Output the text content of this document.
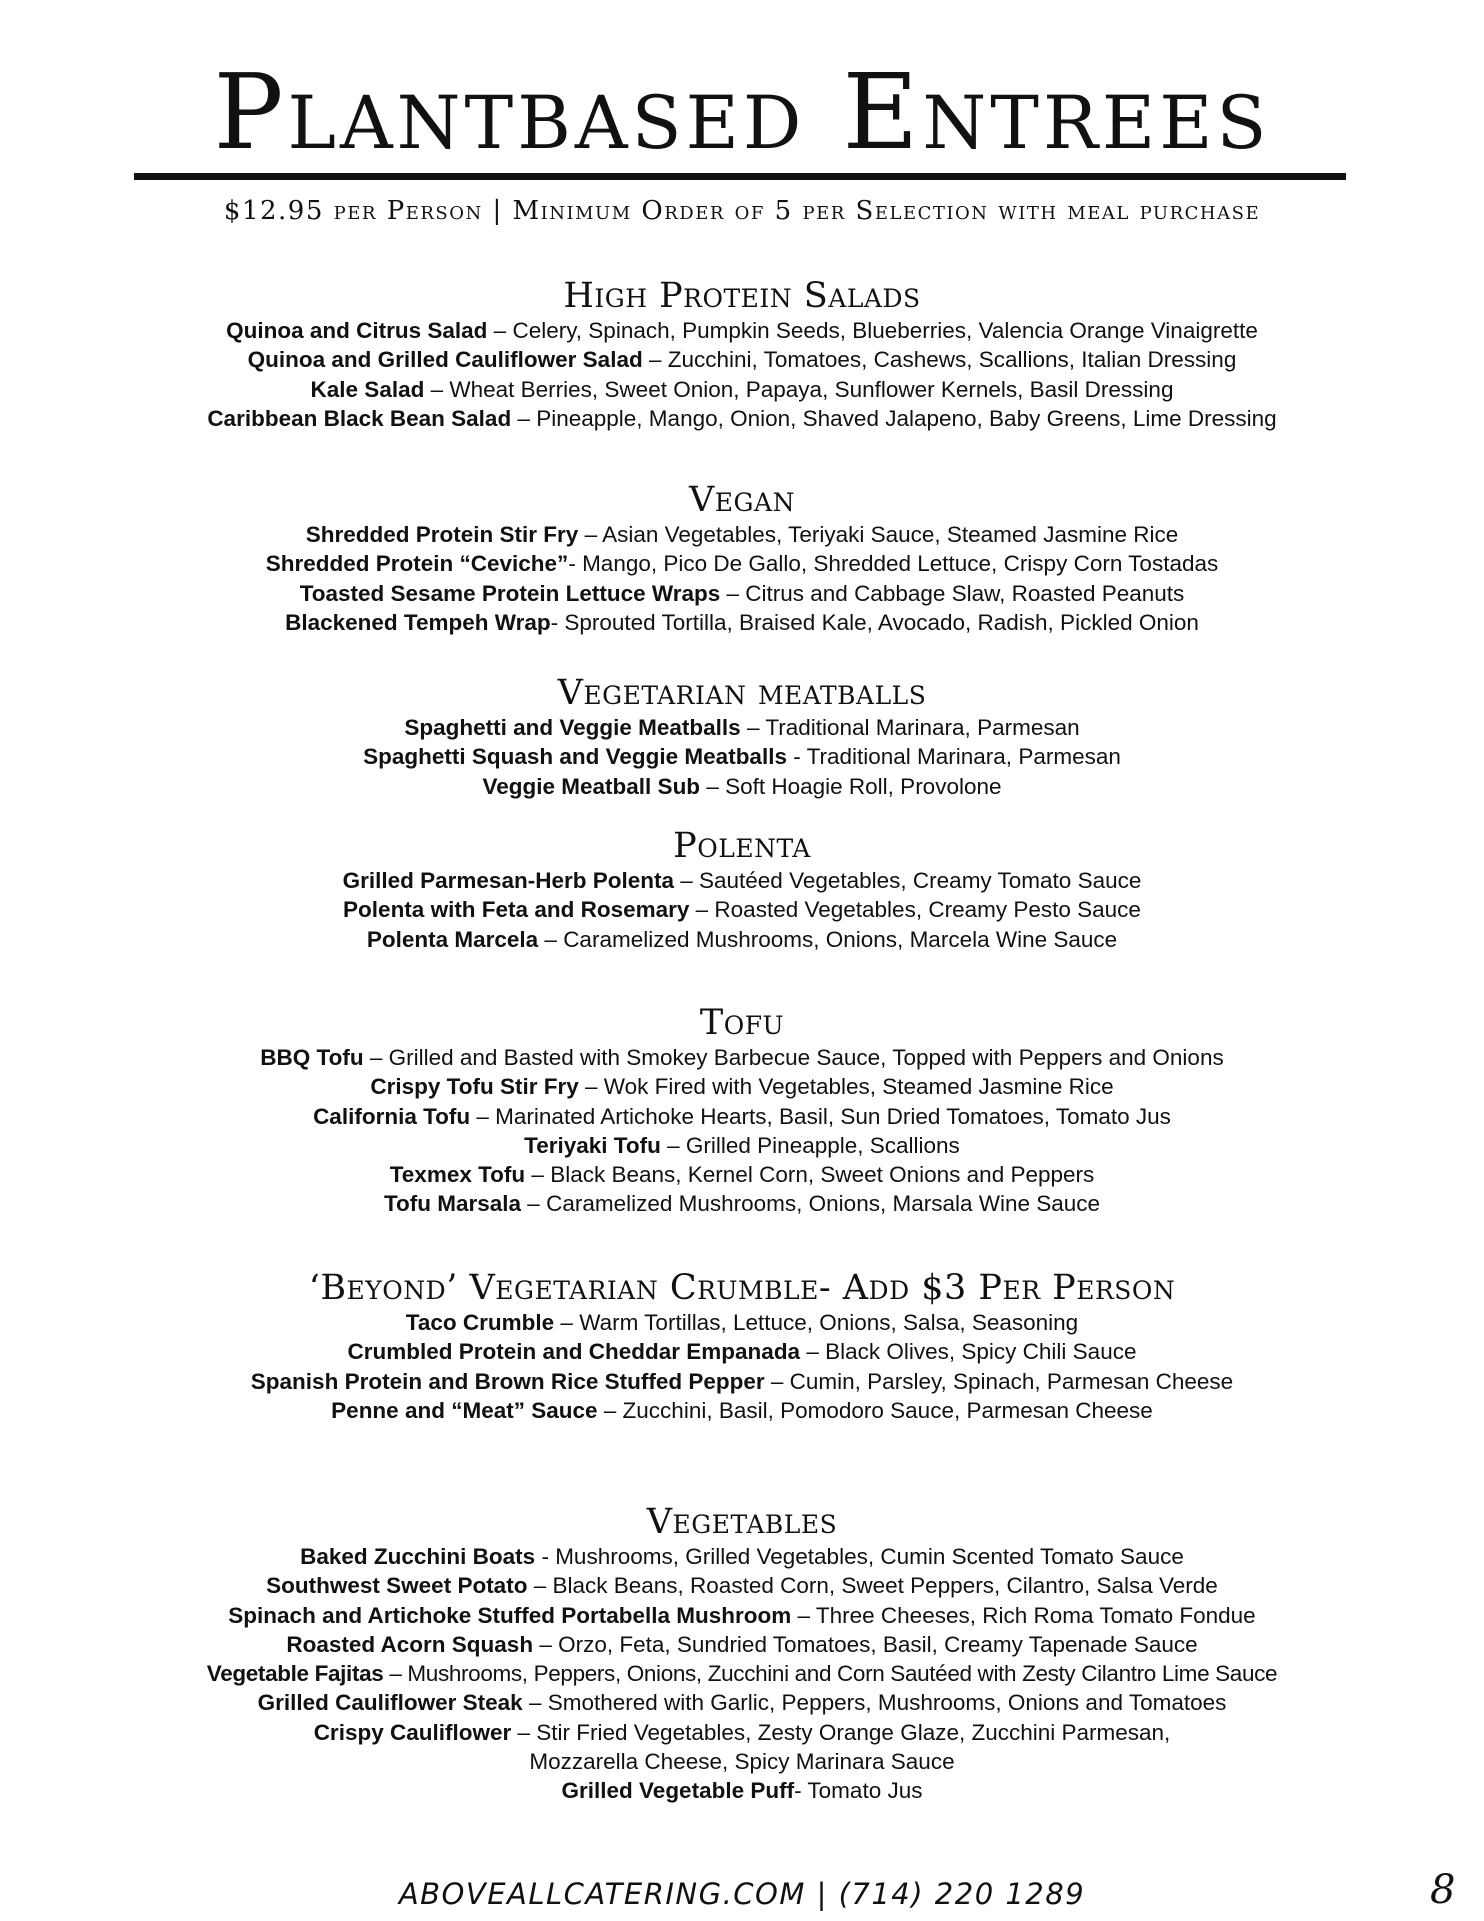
Plantbased Entrees
$12.95 per Person | Minimum Order of 5 per Selection with meal purchase
High Protein Salads
Quinoa and Citrus Salad – Celery, Spinach, Pumpkin Seeds, Blueberries, Valencia Orange Vinaigrette
Quinoa and Grilled Cauliflower Salad – Zucchini, Tomatoes, Cashews, Scallions, Italian Dressing
Kale Salad – Wheat Berries, Sweet Onion, Papaya, Sunflower Kernels, Basil Dressing
Caribbean Black Bean Salad – Pineapple, Mango, Onion, Shaved Jalapeno, Baby Greens, Lime Dressing
Vegan
Shredded Protein Stir Fry – Asian Vegetables, Teriyaki Sauce, Steamed Jasmine Rice
Shredded Protein “Ceviche”- Mango, Pico De Gallo, Shredded Lettuce, Crispy Corn Tostadas
Toasted Sesame Protein Lettuce Wraps – Citrus and Cabbage Slaw, Roasted Peanuts
Blackened Tempeh Wrap- Sprouted Tortilla, Braised Kale, Avocado, Radish, Pickled Onion
Vegetarian meatballs
Spaghetti and Veggie Meatballs – Traditional Marinara, Parmesan
Spaghetti Squash and Veggie Meatballs - Traditional Marinara, Parmesan
Veggie Meatball Sub – Soft Hoagie Roll, Provolone
Polenta
Grilled Parmesan-Herb Polenta – Sautéed Vegetables, Creamy Tomato Sauce
Polenta with Feta and Rosemary – Roasted Vegetables, Creamy Pesto Sauce
Polenta Marcela – Caramelized Mushrooms, Onions, Marcela Wine Sauce
Tofu
BBQ Tofu – Grilled and Basted with Smokey Barbecue Sauce, Topped with Peppers and Onions
Crispy Tofu Stir Fry – Wok Fired with Vegetables, Steamed Jasmine Rice
California Tofu – Marinated Artichoke Hearts, Basil, Sun Dried Tomatoes, Tomato Jus
Teriyaki Tofu – Grilled Pineapple, Scallions
Texmex Tofu – Black Beans, Kernel Corn, Sweet Onions and Peppers
Tofu Marsala – Caramelized Mushrooms, Onions, Marsala Wine Sauce
‘Beyond’ Vegetarian Crumble- Add $3 Per Person
Taco Crumble – Warm Tortillas, Lettuce, Onions, Salsa, Seasoning
Crumbled Protein and Cheddar Empanada – Black Olives, Spicy Chili Sauce
Spanish Protein and Brown Rice Stuffed Pepper – Cumin, Parsley, Spinach, Parmesan Cheese
Penne and “Meat” Sauce – Zucchini, Basil, Pomodoro Sauce, Parmesan Cheese
Vegetables
Baked Zucchini Boats - Mushrooms, Grilled Vegetables, Cumin Scented Tomato Sauce
Southwest Sweet Potato – Black Beans, Roasted Corn, Sweet Peppers, Cilantro, Salsa Verde
Spinach and Artichoke Stuffed Portabella Mushroom – Three Cheeses, Rich Roma Tomato Fondue
Roasted Acorn Squash – Orzo, Feta, Sundried Tomatoes, Basil, Creamy Tapenade Sauce
Vegetable Fajitas – Mushrooms, Peppers, Onions, Zucchini and Corn Sautéed with Zesty Cilantro Lime Sauce
Grilled Cauliflower Steak – Smothered with Garlic, Peppers, Mushrooms, Onions and Tomatoes
Crispy Cauliflower – Stir Fried Vegetables, Zesty Orange Glaze, Zucchini Parmesan,
Mozzarella Cheese, Spicy Marinara Sauce
Grilled Vegetable Puff- Tomato Jus
ABOVEALLCATERING.COM | (714) 220 1289	8
